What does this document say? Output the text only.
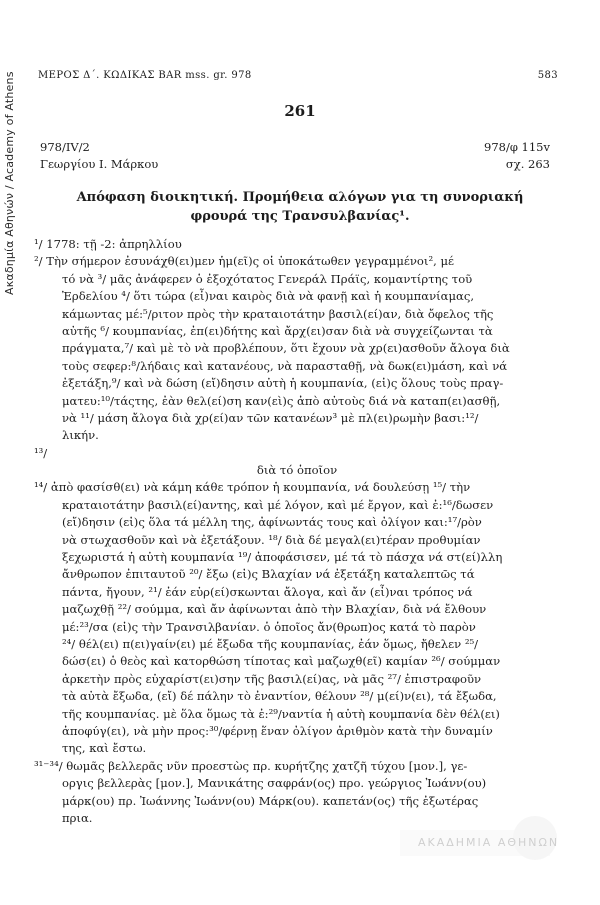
Ακαδημία Αθηνών / Academy of Athens ΜΕΡΟΣ Δ΄. ΚΩΔΙΚΑΣ BAR mss. gr. 978	583
261
978/IV/2	978/φ 115v
Γεωργίου Ι. Μάρκου	σχ. 263
Απόφαση διοικητική. Προμήθεια αλόγων για τη συνοριακή
φρουρά της Τρανσυλβανίας¹.
¹/ 1778: τῇ -2: ἀπρηλλίου
²/ Τὴν σήμερον ἐσυνάχθ(ει)μεν ἡμ(εῖ)ς οἱ ὑποκάτωθεν γεγραμμένοι², μέ
τό νὰ ³/ μᾶς ἀνάφερεν ὁ ἐξοχότατος Γενεράλ Πράϊς, κομαντίρτης τοῦ
Ἐρδελίου ⁴/ ὅτι τώρα (εἶ)ναι καιρὸς διὰ νὰ φανῇ καὶ ἡ κουμπανίαμας,
κάμωντας μέ:⁵/ριτον πρὸς τὴν κραταιοτάτην βασιλ(εί)αν, διὰ ὄφελος τῆς
αὐτῆς ⁶/ κουμπανίας, ἐπ(ει)δήτης καὶ ἄρχ(ει)σαν διὰ νὰ συγχείζωνται τὰ
πράγματα,⁷/ καὶ μὲ τὸ νὰ προβλέπουν, ὅτι ἔχουν νὰ χρ(ει)ασθοῦν ἄλογα διὰ
τοὺς σεφερ:⁸/λήδαις καὶ κατανέους, νὰ παρασταθῇ, νὰ δωκ(ει)μάση, καὶ νά
ἐξετάξη,⁹/ καὶ νὰ δώση (εἴ)δησιν αὐτὴ ἡ κουμπανία, (εἰ)ς ὅλους τοὺς πραγ-
ματευ:¹⁰/τάςτης, ἐὰν θελ(εί)ση καν(εὶ)ς ἀπὸ αὐτοὺς διά νὰ καταπ(ει)ασθῇ,
νὰ ¹¹/ μάση ἄλογα διὰ χρ(εί)αν τῶν κατανέων³ μὲ πλ(ει)ρωμὴν βασι:¹²/
λικήν.
¹³/
διὰ τό ὁποῖον
¹⁴/ ἀπὸ φασίσθ(ει) νὰ κάμη κάθε τρόπον ἡ κουμπανία, νά δουλεύσῃ ¹⁵/ τὴν
κραταιοτάτην βασιλ(εί)αντης, καὶ μέ λόγον, καὶ μέ ἔργον, καὶ ἐ:¹⁶/δωσεν
(εἴ)δησιν (εἰ)ς ὅλα τά μέλλη της, ἀφίνωντάς τους καὶ ὀλίγον και:¹⁷/ρὸν
νὰ στωχασθοῦν καὶ νὰ ἐξετάξουν. ¹⁸/ διὰ δέ μεγαλ(ει)τέραν προθυμίαν
ξεχωριστά ἡ αὐτὴ κουμπανία ¹⁹/ ἀποφάσισεν, μέ τά τὸ πάσχα νά στ(εί)λλη
ἄνθρωπον ἐπιταυτοῦ ²⁰/ ἔξω (εἰ)ς Βλαχίαν νά ἐξετάξη καταλεπτῶς τά
πάντα, ἤγουν, ²¹/ ἐάν εὑρ(εί)σκωνται ἄλογα, καὶ ἄν (εἶ)ναι τρόπος νά
μαζωχθῇ ²²/ σούμμα, καὶ ἄν ἀφίνωνται ἀπὸ τὴν Βλαχίαν, διὰ νά ἔλθουν
μέ:²³/σα (εἰ)ς τὴν Τρανσιλβανίαν. ὁ ὁποῖος ἄν(θρωπ)ος κατά τὸ παρὸν
²⁴/ θέλ(ει) π(ει)γαίν(ει) μέ ἔξωδα τῆς κουμπανίας, ἐάν ὅμως, ἤθελεν ²⁵/
δώσ(ει) ὁ θεὸς καὶ κατορθώση τίποτας καὶ μαζωχθ(εῖ) καμίαν ²⁶/ σούμμαν
ἀρκετὴν πρὸς εὐχαρίστ(ει)σην τῆς βασιλ(εί)ας, νὰ μᾶς ²⁷/ ἐπιστραφοῦν
τὰ αὐτὰ ἔξωδα, (εἴ) δέ πάλην τὸ ἐναντίον, θέλουν ²⁸/ μ(εί)ν(ει), τά ἔξωδα,
τῆς κουμπανίας. μὲ ὅλα ὅμως τὰ ἐ:²⁹/ναντία ἡ αὐτὴ κουμπανία δὲν θέλ(ει)
ἀποφύγ(ει), νὰ μὴν προς:³⁰/φέρνῃ ἕναν ὀλίγον ἀριθμὸν κατὰ τὴν δυναμίν
της, καὶ ἔστω.
³¹⁻³⁴/ θωμᾶς βελλερᾶς νῦν προεστὼς πρ. κυρήτζης χατζῆ τύχου [μον.], γε-
οργις βελλερὰς [μον.], Μανικάτης σαφράν(ος) προ. γεώργιος Ἰωάνν(ου)
μάρκ(ου) πρ. Ἰωάννης Ἰωάνν(ου) Μάρκ(ου). καπετάν(ος) τῆς ἐξωτέρας
πρια.
ΑΚΑΔΗΜΙΑ ΑΘΗΝΩΝ
